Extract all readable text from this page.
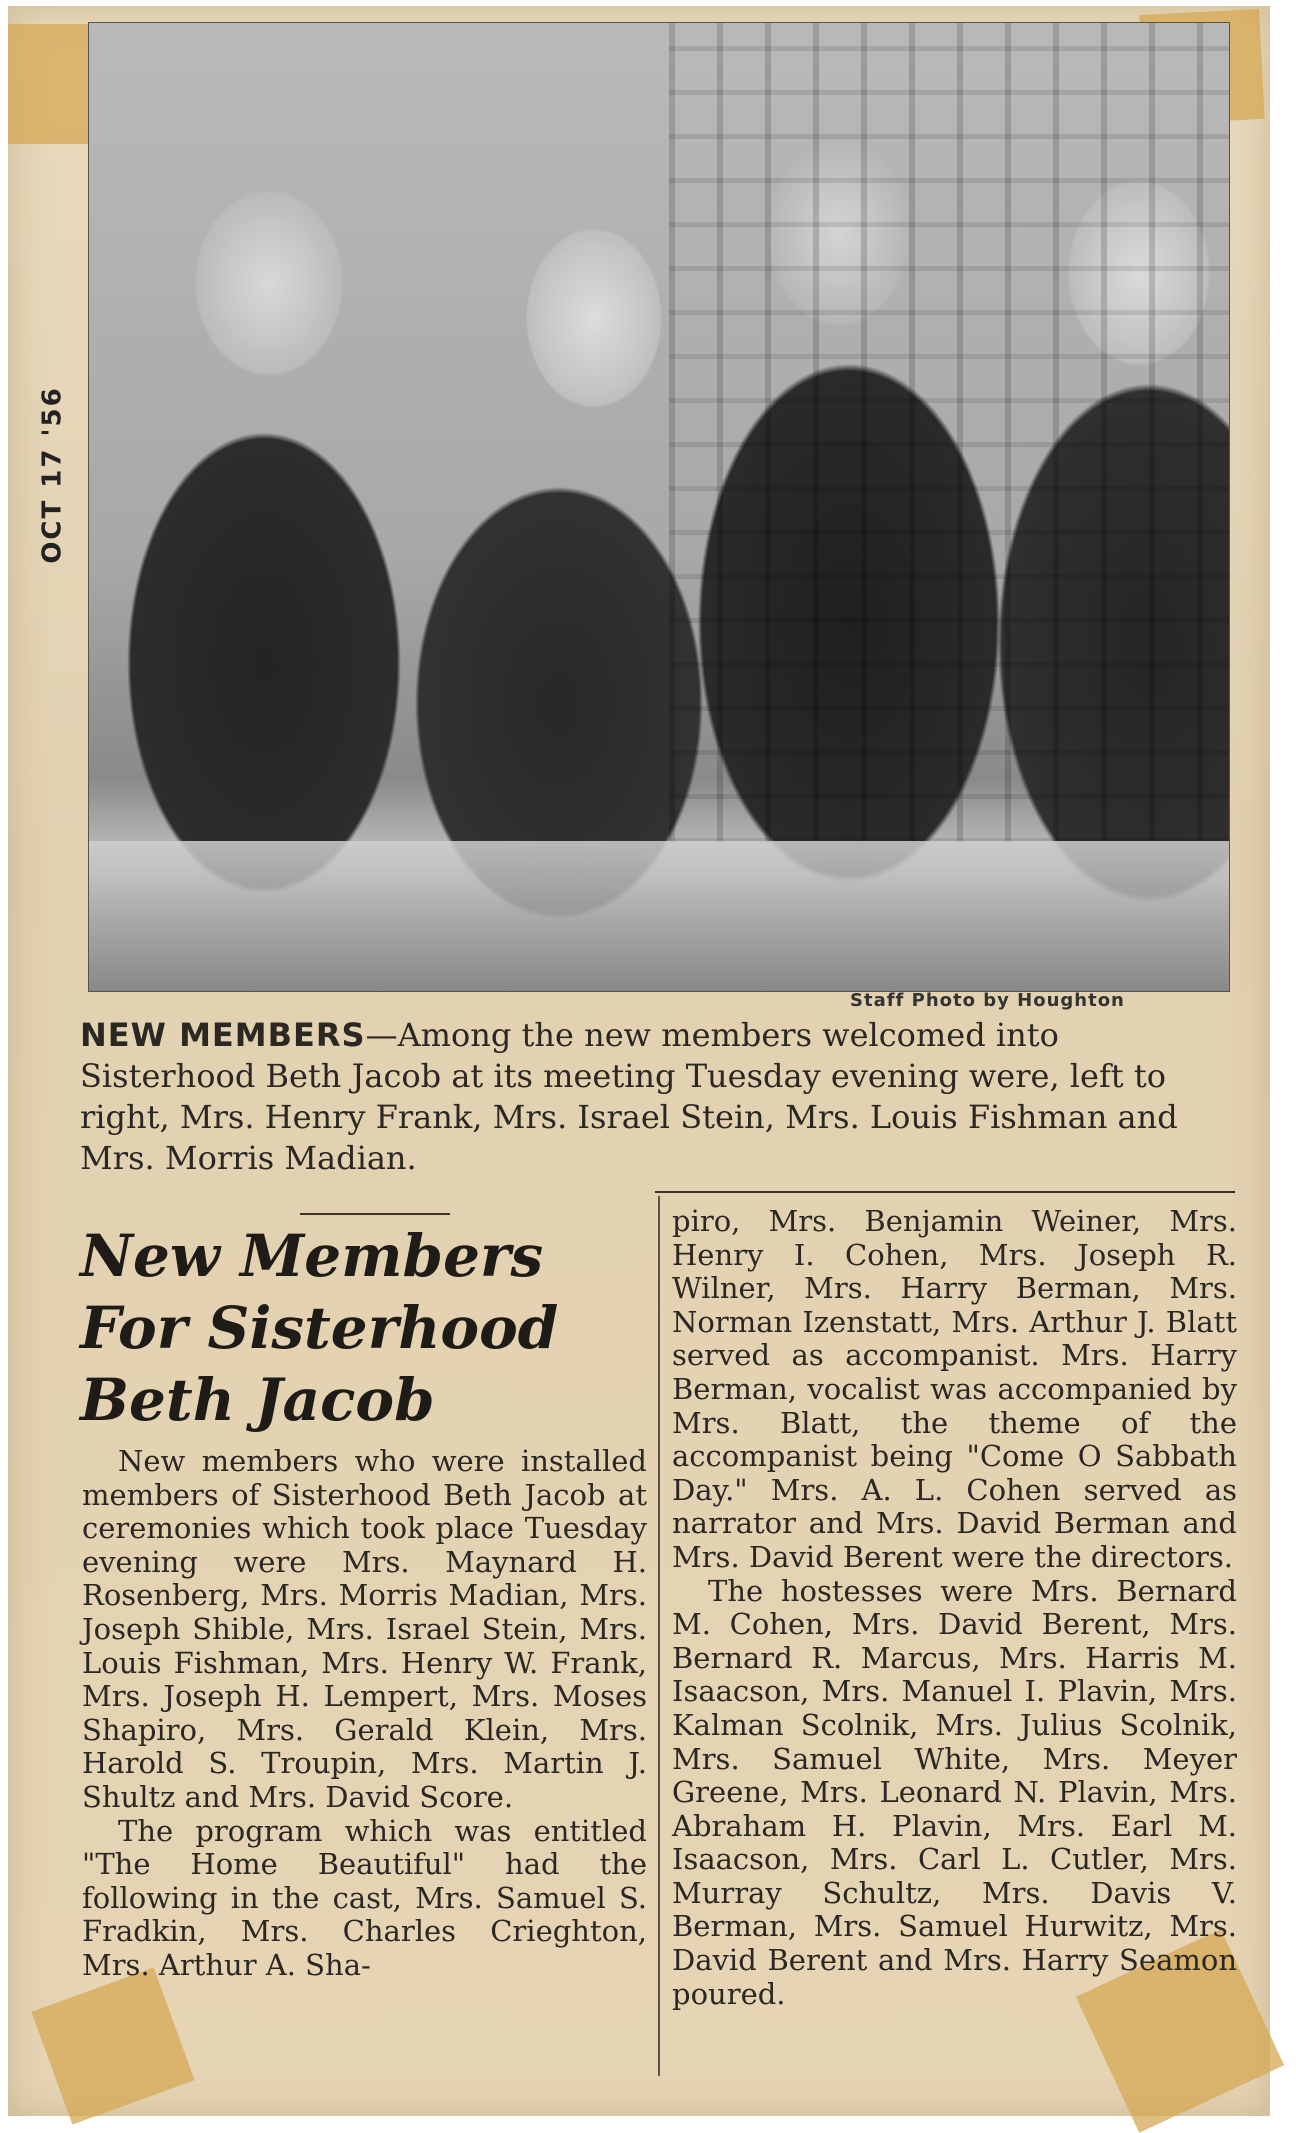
OCT 17 '56
Staff Photo by Houghton
NEW MEMBERS—Among the new members welcomed into Sisterhood Beth Jacob at its meeting Tuesday evening were, left to right, Mrs. Henry Frank, Mrs. Israel Stein, Mrs. Louis Fishman and Mrs. Morris Madian.
New Members
For Sisterhood
Beth Jacob

New members who were installed members of Sisterhood Beth Jacob at ceremonies which took place Tuesday evening were Mrs. Maynard H. Rosenberg, Mrs. Morris Madian, Mrs. Joseph Shible, Mrs. Israel Stein, Mrs. Louis Fishman, Mrs. Henry W. Frank, Mrs. Joseph H. Lempert, Mrs. Moses Shapiro, Mrs. Gerald Klein, Mrs. Harold S. Troupin, Mrs. Martin J. Shultz and Mrs. David Score.

The program which was entitled "The Home Beautiful" had the following in the cast, Mrs. Samuel S. Fradkin, Mrs. Charles Crieghton, Mrs. Arthur A. Sha-

piro, Mrs. Benjamin Weiner, Mrs. Henry I. Cohen, Mrs. Joseph R. Wilner, Mrs. Harry Berman, Mrs. Norman Izenstatt, Mrs. Arthur J. Blatt served as accompanist. Mrs. Harry Berman, vocalist was accompanied by Mrs. Blatt, the theme of the accompanist being "Come O Sabbath Day." Mrs. A. L. Cohen served as narrator and Mrs. David Berman and Mrs. David Berent were the directors.

The hostesses were Mrs. Bernard M. Cohen, Mrs. David Berent, Mrs. Bernard R. Marcus, Mrs. Harris M. Isaacson, Mrs. Manuel I. Plavin, Mrs. Kalman Scolnik, Mrs. Julius Scolnik, Mrs. Samuel White, Mrs. Meyer Greene, Mrs. Leonard N. Plavin, Mrs. Abraham H. Plavin, Mrs. Earl M. Isaacson, Mrs. Carl L. Cutler, Mrs. Murray Schultz, Mrs. Davis V. Berman, Mrs. Samuel Hurwitz, Mrs. David Berent and Mrs. Harry Seamon poured.
